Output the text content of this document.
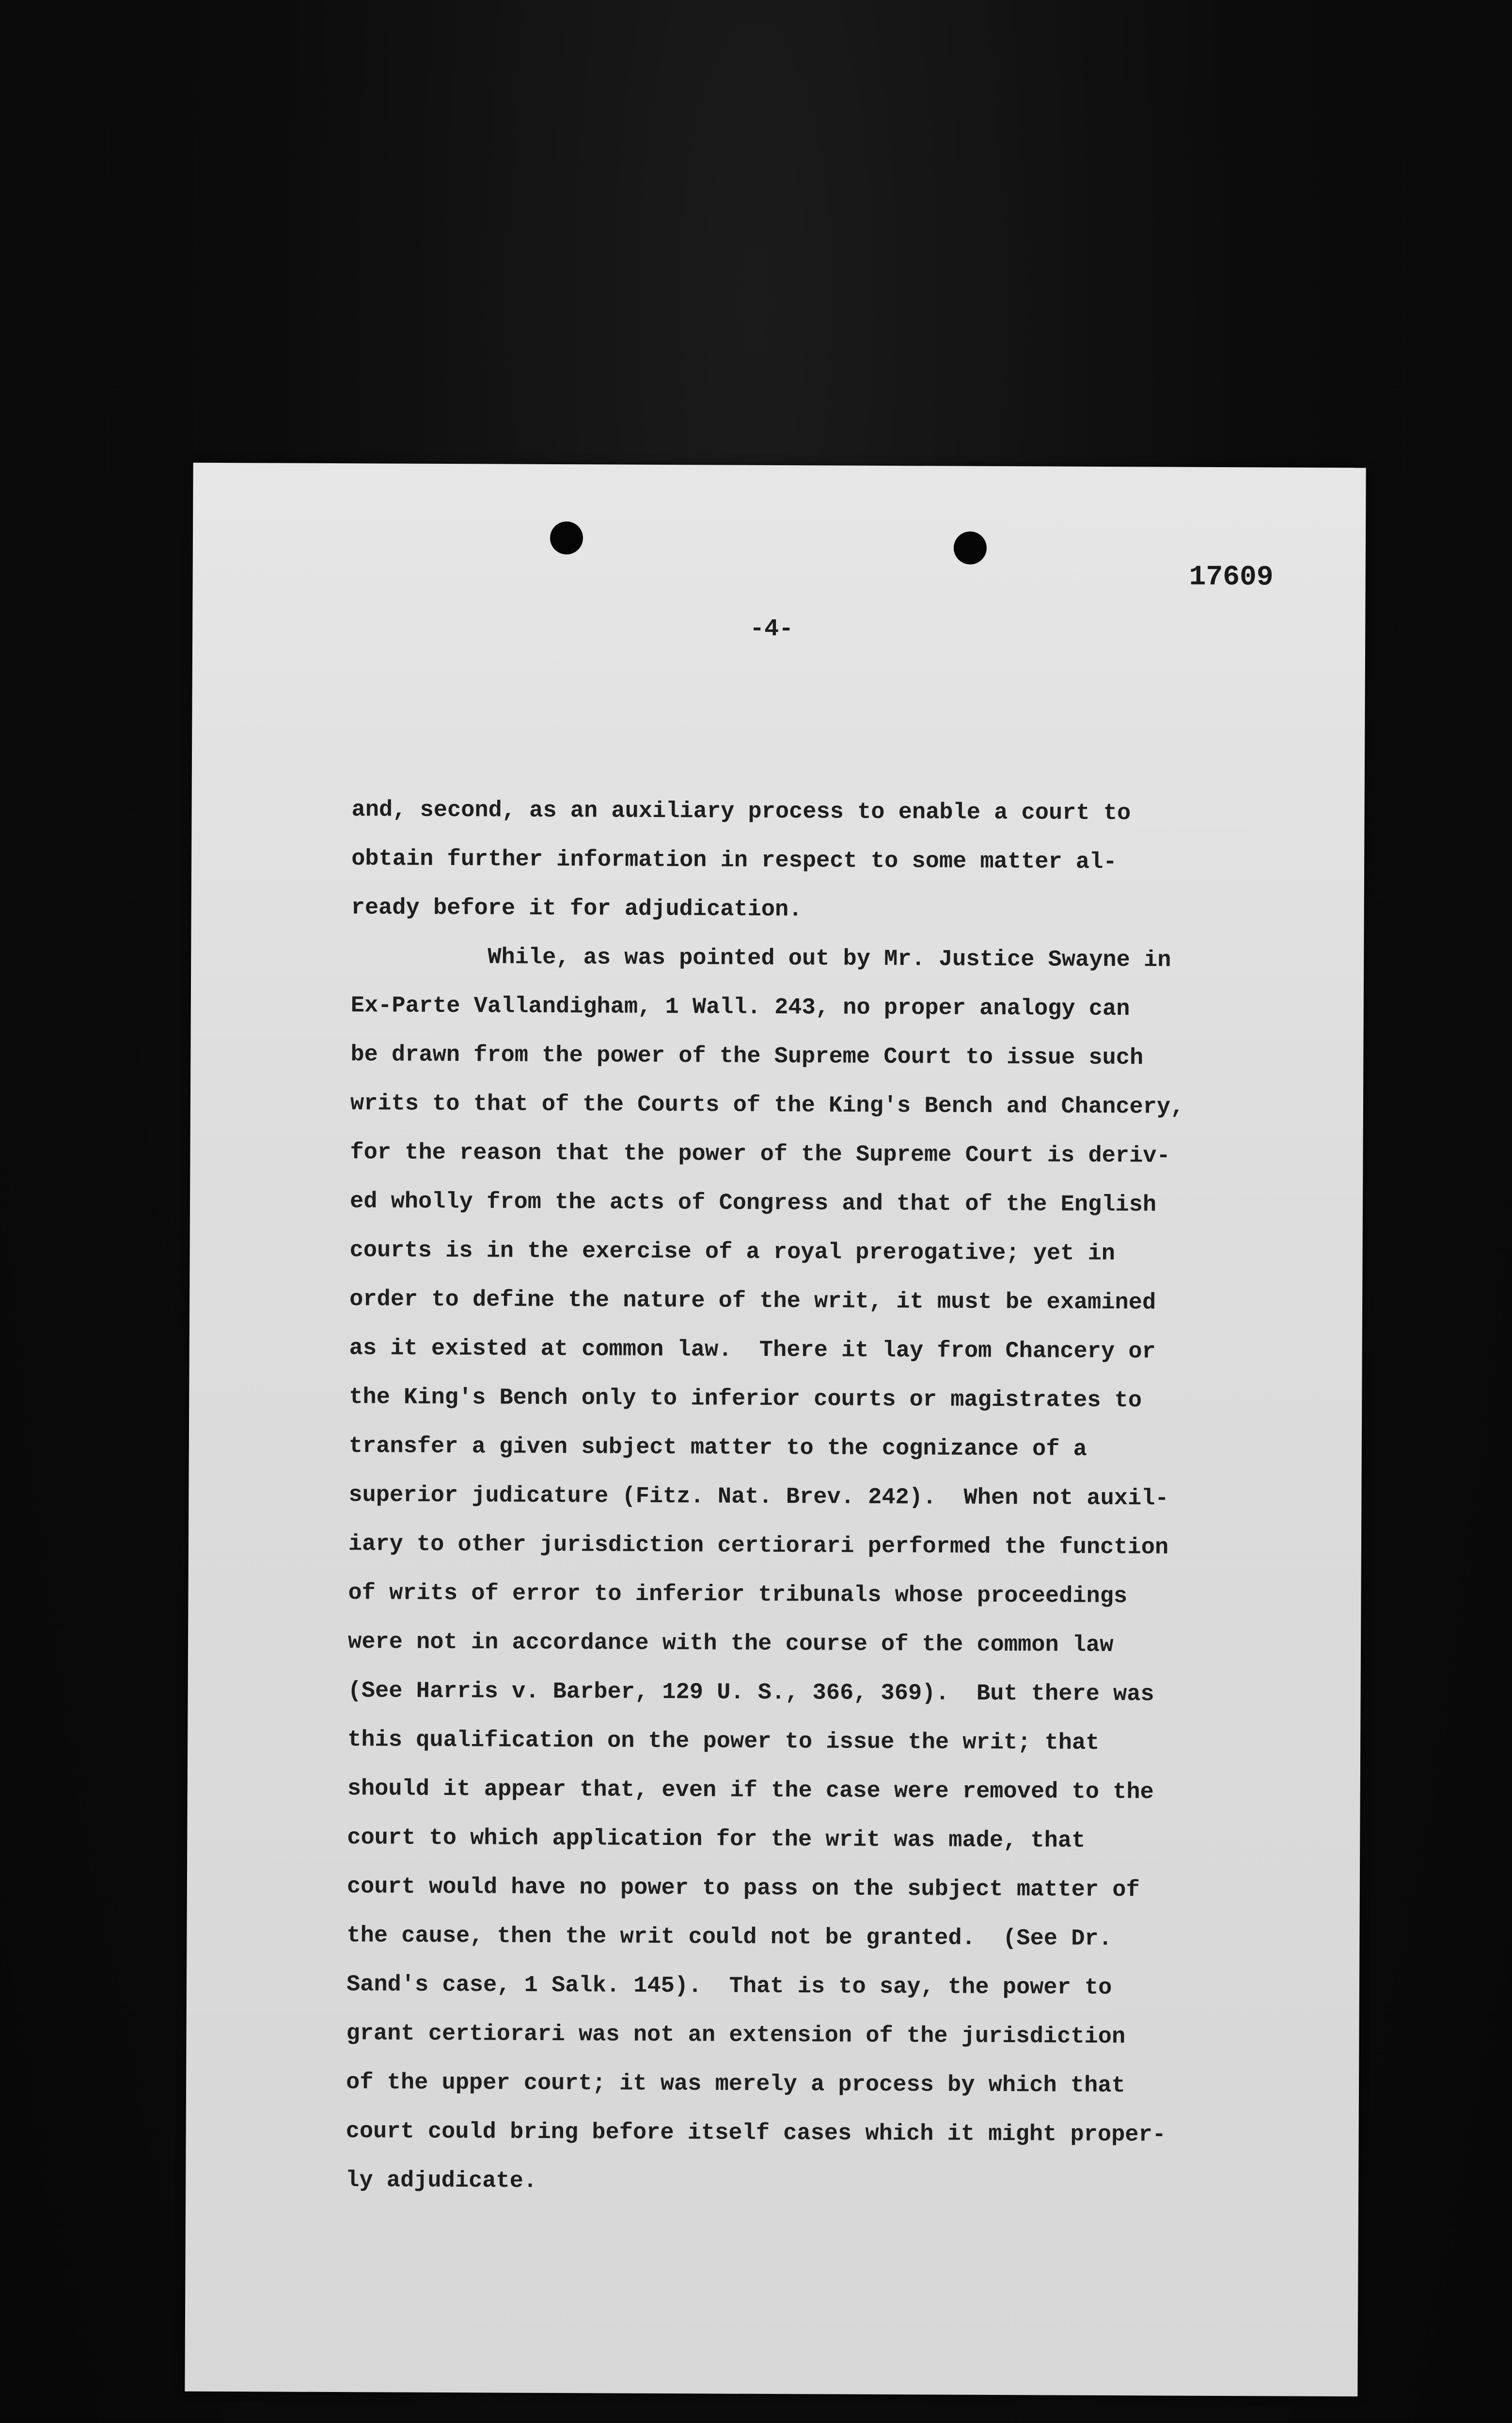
17609
-4-
and, second, as an auxiliary process to enable a court to
obtain further information in respect to some matter al-
ready before it for adjudication.
While, as was pointed out by Mr. Justice Swayne in
Ex-Parte Vallandigham, 1 Wall. 243, no proper analogy can
be drawn from the power of the Supreme Court to issue such
writs to that of the Courts of the King's Bench and Chancery,
for the reason that the power of the Supreme Court is deriv-
ed wholly from the acts of Congress and that of the English
courts is in the exercise of a royal prerogative; yet in
order to define the nature of the writ, it must be examined
as it existed at common law.  There it lay from Chancery or
the King's Bench only to inferior courts or magistrates to
transfer a given subject matter to the cognizance of a
superior judicature (Fitz. Nat. Brev. 242).  When not auxil-
iary to other jurisdiction certiorari performed the function
of writs of error to inferior tribunals whose proceedings
were not in accordance with the course of the common law
(See Harris v. Barber, 129 U. S., 366, 369).  But there was
this qualification on the power to issue the writ; that
should it appear that, even if the case were removed to the
court to which application for the writ was made, that
court would have no power to pass on the subject matter of
the cause, then the writ could not be granted.  (See Dr.
Sand's case, 1 Salk. 145).  That is to say, the power to
grant certiorari was not an extension of the jurisdiction
of the upper court; it was merely a process by which that
court could bring before itself cases which it might proper-
ly adjudicate.
